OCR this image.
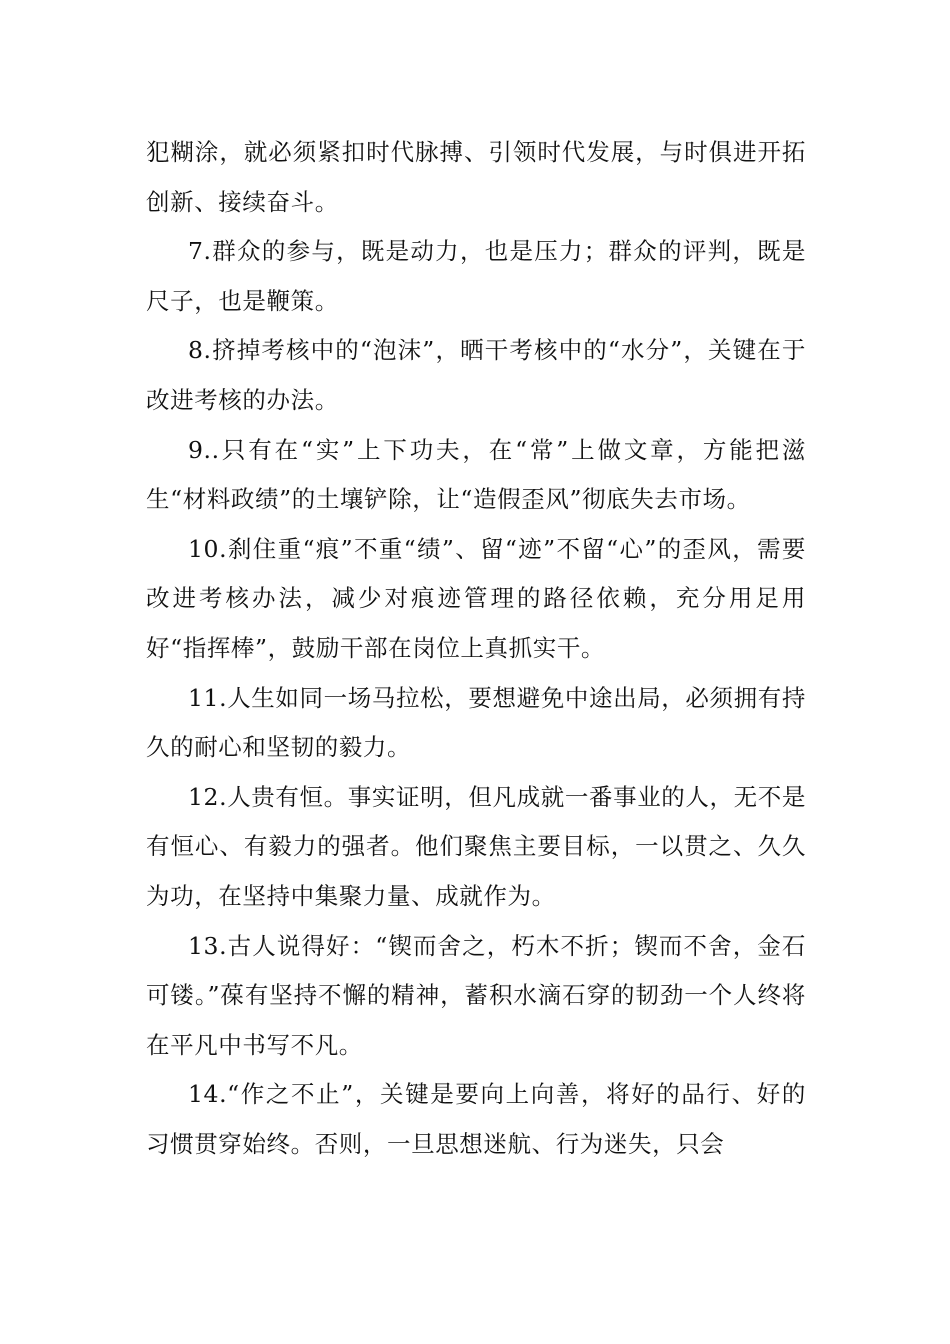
犯糊涂，就必须紧扣时代脉搏、引领时代发展，与时俱进开拓创新、接续奋斗。

7.群众的参与，既是动力，也是压力；群众的评判，既是尺子，也是鞭策。

8.挤掉考核中的“泡沫”，晒干考核中的“水分”，关键在于改进考核的办法。

9..只有在“实”上下功夫，在“常”上做文章，方能把滋生“材料政绩”的土壤铲除，让“造假歪风”彻底失去市场。

10.刹住重“痕”不重“绩”、留“迹”不留“心”的歪风，需要改进考核办法，减少对痕迹管理的路径依赖，充分用足用好“指挥棒”，鼓励干部在岗位上真抓实干。

11.人生如同一场马拉松，要想避免中途出局，必须拥有持久的耐心和坚韧的毅力。

12.人贵有恒。事实证明，但凡成就一番事业的人，无不是有恒心、有毅力的强者。他们聚焦主要目标，一以贯之、久久为功，在坚持中集聚力量、成就作为。

13.古人说得好：“锲而舍之，朽木不折；锲而不舍，金石可镂。”葆有坚持不懈的精神，蓄积水滴石穿的韧劲一个人终将在平凡中书写不凡。

14.“作之不止”，关键是要向上向善，将好的品行、好的习惯贯穿始终。否则，一旦思想迷航、行为迷失，只会
